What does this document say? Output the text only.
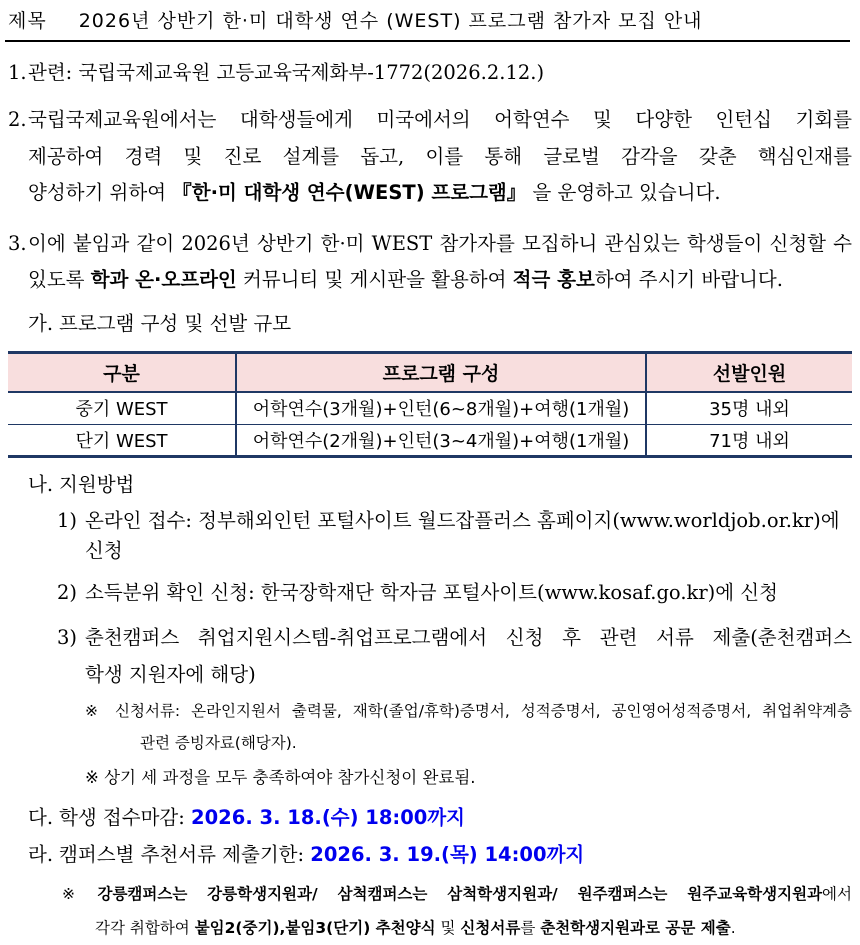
제목 2026년 상반기 한·미 대학생 연수 (WEST) 프로그램 참가자 모집 안내
1. 관련: 국립국제교육원 고등교육국제화부-1772(2026.2.12.)
2. 국립국제교육원에서는 대학생들에게 미국에서의 어학연수 및 다양한 인턴십 기회를
제공하여 경력 및 진로 설계를 돕고, 이를 통해 글로벌 감각을 갖춘 핵심인재를
양성하기 위하여 『한·미 대학생 연수(WEST) 프로그램』 을 운영하고 있습니다.
3. 이에 붙임과 같이 2026년 상반기 한·미 WEST 참가자를 모집하니 관심있는 학생들이 신청할 수
있도록 학과 온·오프라인 커뮤니티 및 게시판을 활용하여 적극 홍보하여 주시기 바랍니다.
가. 프로그램 구성 및 선발 규모
구분	프로그램 구성	선발인원
중기 WEST	어학연수(3개월)+인턴(6~8개월)+여행(1개월)	35명 내외
단기 WEST	어학연수(2개월)+인턴(3~4개월)+여행(1개월)	71명 내외
나. 지원방법
1) 온라인 접수: 정부해외인턴 포털사이트 월드잡플러스 홈페이지(www.worldjob.or.kr)에 신청
2) 소득분위 확인 신청: 한국장학재단 학자금 포털사이트(www.kosaf.go.kr)에 신청
3) 춘천캠퍼스 취업지원시스템-취업프로그램에서 신청 후 관련 서류 제출(춘천캠퍼스
학생 지원자에 해당)
※ 신청서류: 온라인지원서 출력물, 재학(졸업/휴학)증명서, 성적증명서, 공인영어성적증명서, 취업취약계층
관련 증빙자료(해당자).
※ 상기 세 과정을 모두 충족하여야 참가신청이 완료됨.
다. 학생 접수마감: 2026. 3. 18.(수) 18:00까지
라. 캠퍼스별 추천서류 제출기한: 2026. 3. 19.(목) 14:00까지
※ 강릉캠퍼스는 강릉학생지원과/ 삼척캠퍼스는 삼척학생지원과/ 원주캠퍼스는 원주교육학생지원과에서
각각 취합하여 붙임2(중기),붙임3(단기) 추천양식 및 신청서류를 춘천학생지원과로 공문 제출.
